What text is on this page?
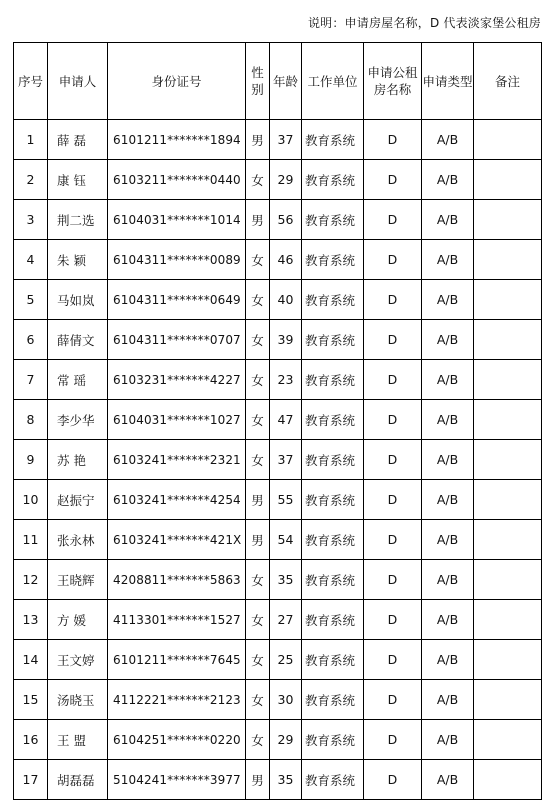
说明：申请房屋名称，D 代表淡家堡公租房
序号	申请人	身份证号	性别	年龄	工作单位	申请公租房名称	申请类型	备注
1	薛 磊	6101211*******1894	男	37	教育系统	D	A/B	
2	康 钰	6103211*******0440	女	29	教育系统	D	A/B	
3	荆二选	6104031*******1014	男	56	教育系统	D	A/B	
4	朱 颖	6104311*******0089	女	46	教育系统	D	A/B	
5	马如岚	6104311*******0649	女	40	教育系统	D	A/B	
6	薛倩文	6104311*******0707	女	39	教育系统	D	A/B	
7	常 瑶	6103231*******4227	女	23	教育系统	D	A/B	
8	李少华	6104031*******1027	女	47	教育系统	D	A/B	
9	苏 艳	6103241*******2321	女	37	教育系统	D	A/B	
10	赵振宁	6103241*******4254	男	55	教育系统	D	A/B	
11	张永林	6103241*******421X	男	54	教育系统	D	A/B	
12	王晓辉	4208811*******5863	女	35	教育系统	D	A/B	
13	方 媛	4113301*******1527	女	27	教育系统	D	A/B	
14	王文婷	6101211*******7645	女	25	教育系统	D	A/B	
15	汤晓玉	4112221*******2123	女	30	教育系统	D	A/B	
16	王 盟	6104251*******0220	女	29	教育系统	D	A/B	
17	胡磊磊	5104241*******3977	男	35	教育系统	D	A/B	
